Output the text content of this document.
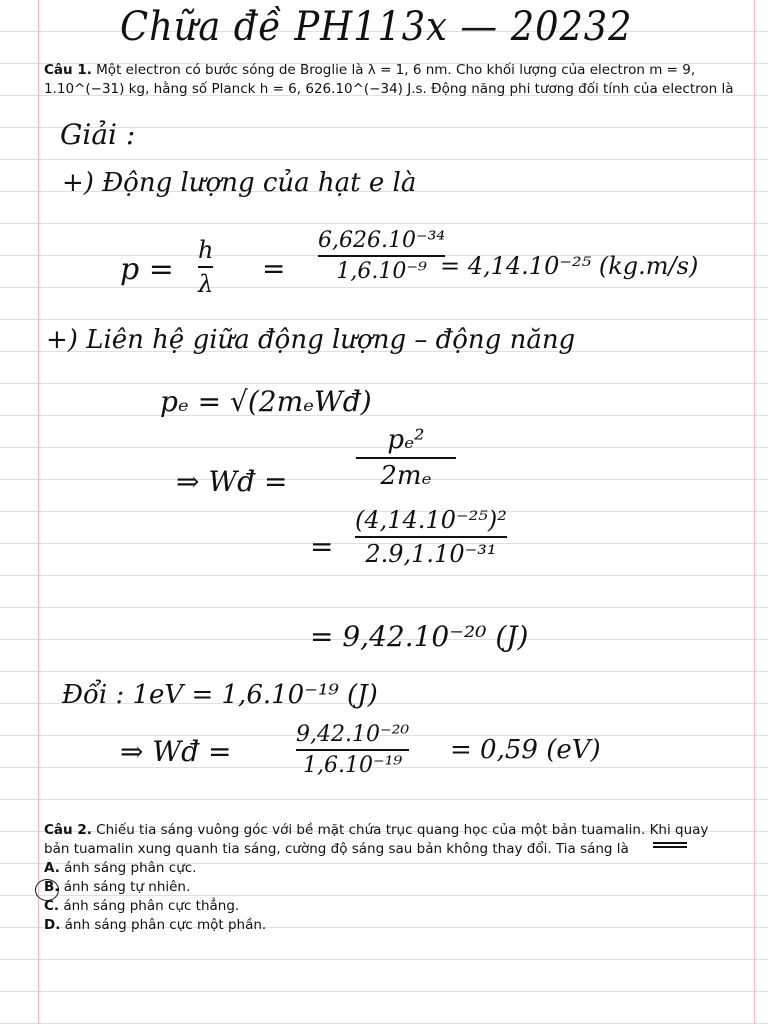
Chữa đề PH113x — 20232
Câu 1. Một electron có bước sóng de Broglie là λ = 1, 6 nm. Cho khối lượng của electron m = 9, 1.10^(−31) kg, hằng số Planck h = 6, 626.10^(−34) J.s. Động năng phi tương đối tính của electron là
Giải :
+) Động lượng của hạt e là
p =
h
λ =
6,626.10⁻³⁴
1,6.10⁻⁹ = 4,14.10⁻²⁵ (kg.m/s)
+) Liên hệ giữa động lượng – động năng
pₑ = √(2mₑWđ)
⇒ Wđ =
pₑ²
2mₑ
=
(4,14.10⁻²⁵)²
2.9,1.10⁻³¹
= 9,42.10⁻²⁰ (J)
Đổi : 1eV = 1,6.10⁻¹⁹ (J)
⇒ Wđ =
9,42.10⁻²⁰
1,6.10⁻¹⁹
= 0,59 (eV)
Câu 2. Chiếu tia sáng vuông góc với bề mặt chứa trục quang học của một bản tuamalin. Khi quay bản tuamalin xung quanh tia sáng, cường độ sáng sau bản không thay đổi. Tia sáng là
A. ánh sáng phân cực.
B. ánh sáng tự nhiên.
C. ánh sáng phân cực thẳng.
D. ánh sáng phân cực một phần.
